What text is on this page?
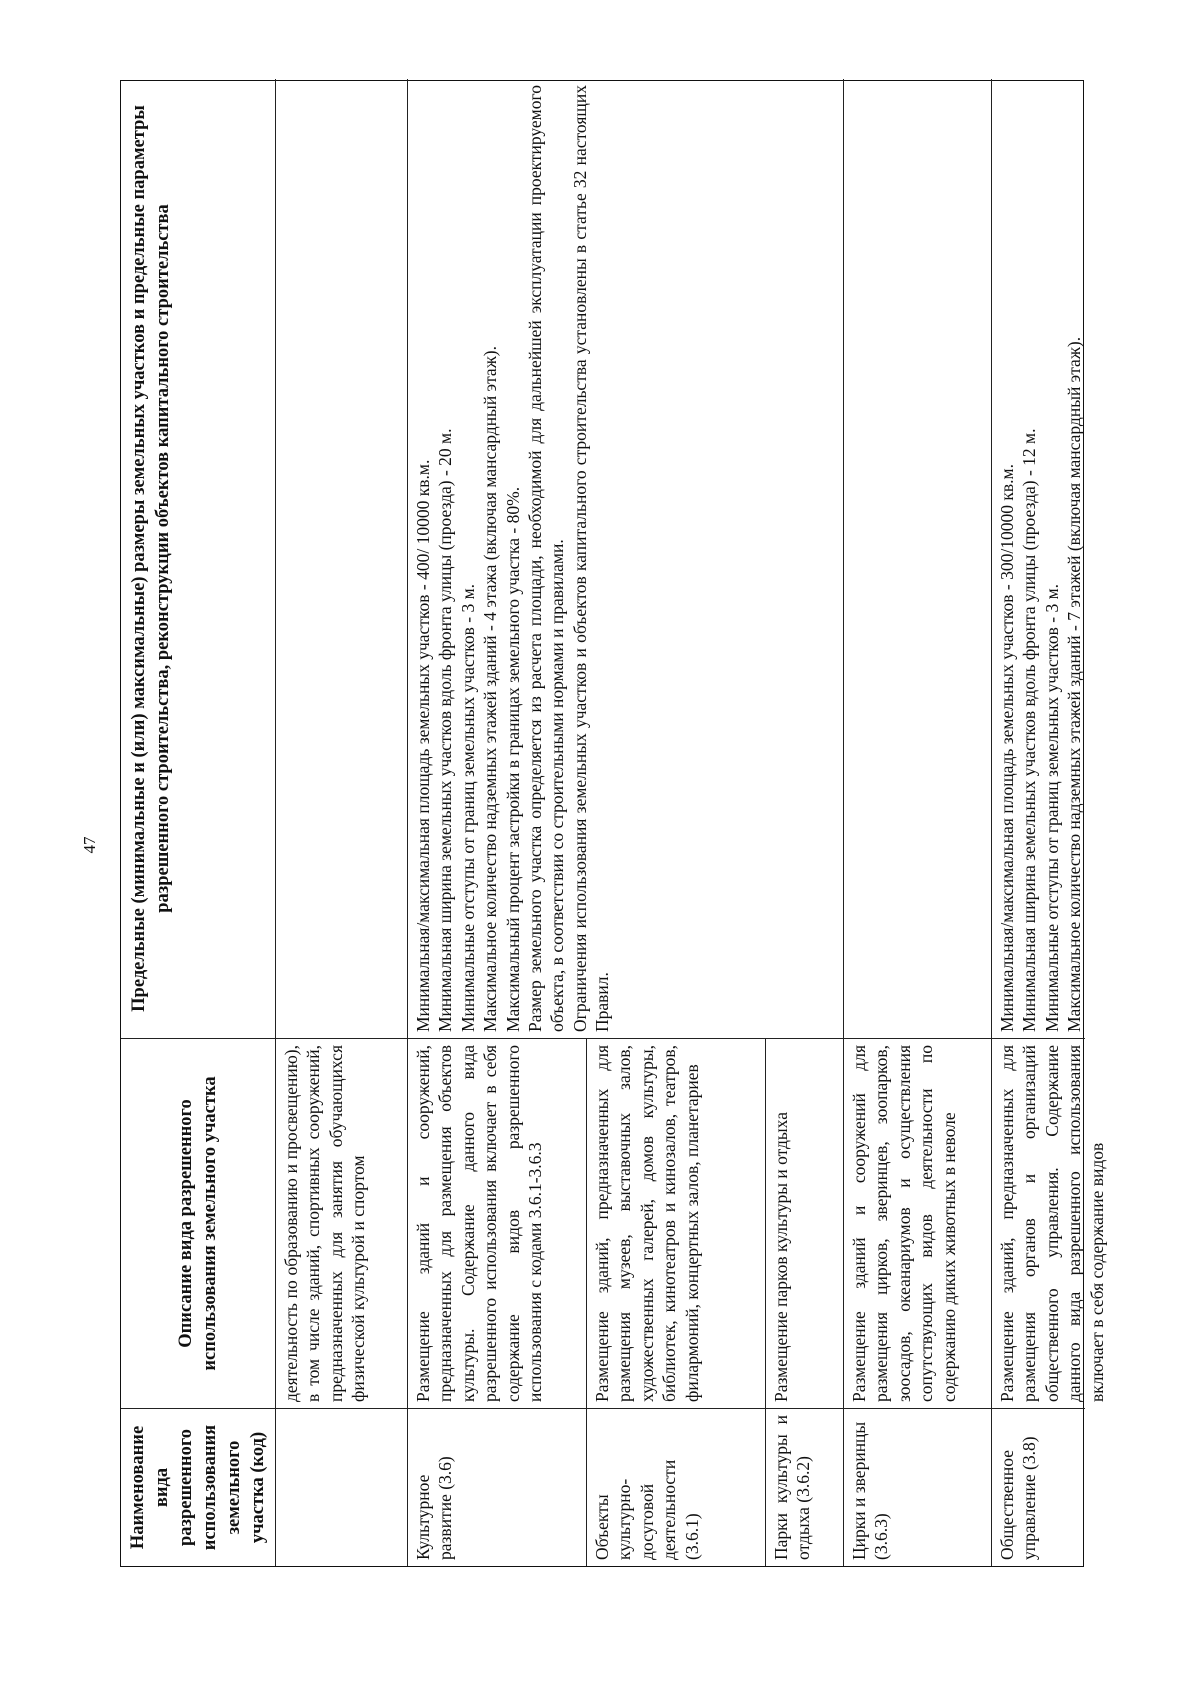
47
Наименование вида разрешенного использования земельного участка (код)
Описание вида разрешенного использования земельного участка
Предельные (минимальные и (или) максимальные) размеры земельных участков и предельные параметры разрешенного строительства, реконструкции объектов капитального строительства
деятельность по образованию и просвещению), в том числе зданий, спортивных сооружений, предназначенных для занятия обучающихся физической культурой и спортом
Культурное развитие (3.6)
Размещение зданий и сооружений, предназначенных для размещения объектов культуры. Содержание данного вида разрешенного использования включает в себя содержание видов разрешенного использования с кодами 3.6.1-3.6.3

Минимальная/максимальная площадь земельных участков - 400/ 10000 кв.м. Минимальная ширина земельных участков вдоль фронта улицы (проезда) - 20 м. Минимальные отступы от границ земельных участков - 3 м. Максимальное количество надземных этажей зданий - 4 этажа (включая мансардный этаж). Максимальный процент застройки в границах земельного участка - 80%. Размер земельного участка определяется из расчета площади, необходимой для дальнейшей эксплуатации проектируемого объекта, в соответствии со строительными нормами и правилами. Ограничения использования земельных участков и объектов капитального строительства установлены в статье 32 настоящих Правил.

Объекты культурно-досуговой деятельности (3.6.1)
Размещение зданий, предназначенных для размещения музеев, выставочных залов, художественных галерей, домов культуры, библиотек, кинотеатров и кинозалов, театров, филармоний, концертных залов, планетариев
Парки культуры и отдыха (3.6.2)
Размещение парков культуры и отдыха
Цирки и зверинцы (3.6.3)
Размещение зданий и сооружений для размещения цирков, зверинцев, зоопарков, зоосадов, океанариумов и осуществления сопутствующих видов деятельности по содержанию диких животных в неволе
Общественное управление (3.8)
Размещение зданий, предназначенных для размещения органов и организаций общественного управления. Содержание данного вида разрешенного использования включает в себя содержание видов

Минимальная/максимальная площадь земельных участков - 300/10000 кв.м. Минимальная ширина земельных участков вдоль фронта улицы (проезда) - 12 м. Минимальные отступы от границ земельных участков - 3 м. Максимальное количество надземных этажей зданий - 7 этажей (включая мансардный этаж).
